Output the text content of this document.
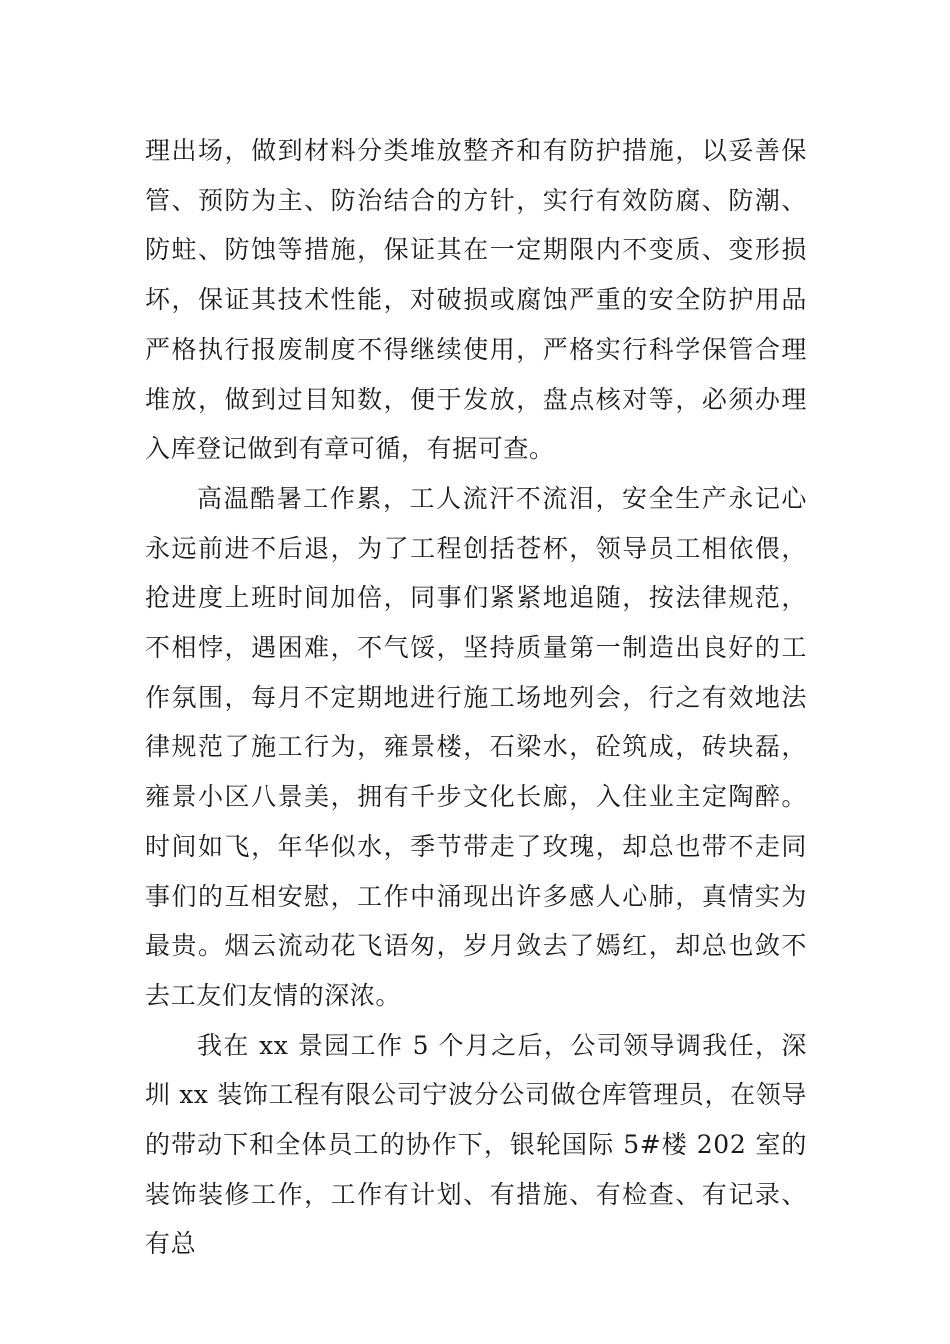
理出场，做到材料分类堆放整齐和有防护措施，以妥善保管、预防为主、防治结合的方针，实行有效防腐、防潮、防蛀、防蚀等措施，保证其在一定期限内不变质、变形损坏，保证其技术性能，对破损或腐蚀严重的安全防护用品严格执行报废制度不得继续使用，严格实行科学保管合理堆放，做到过目知数，便于发放，盘点核对等，必须办理入库登记做到有章可循，有据可查。

高温酷暑工作累，工人流汗不流泪，安全生产永记心永远前进不后退，为了工程创括苍杯，领导员工相依偎，抢进度上班时间加倍，同事们紧紧地追随，按法律规范，不相悖，遇困难，不气馁，坚持质量第一制造出良好的工作氛围，每月不定期地进行施工场地列会，行之有效地法律规范了施工行为，雍景楼，石梁水，砼筑成，砖块磊，雍景小区八景美，拥有千步文化长廊，入住业主定陶醉。时间如飞，年华似水，季节带走了玫瑰，却总也带不走同事们的互相安慰，工作中涌现出许多感人心肺，真情实为最贵。烟云流动花飞语匆，岁月敛去了嫣红，却总也敛不去工友们友情的深浓。

我在 xx 景园工作 5 个月之后，公司领导调我任，深圳 xx 装饰工程有限公司宁波分公司做仓库管理员，在领导的带动下和全体员工的协作下，银轮国际 5#楼 202 室的装饰装修工作，工作有计划、有措施、有检查、有记录、有总
